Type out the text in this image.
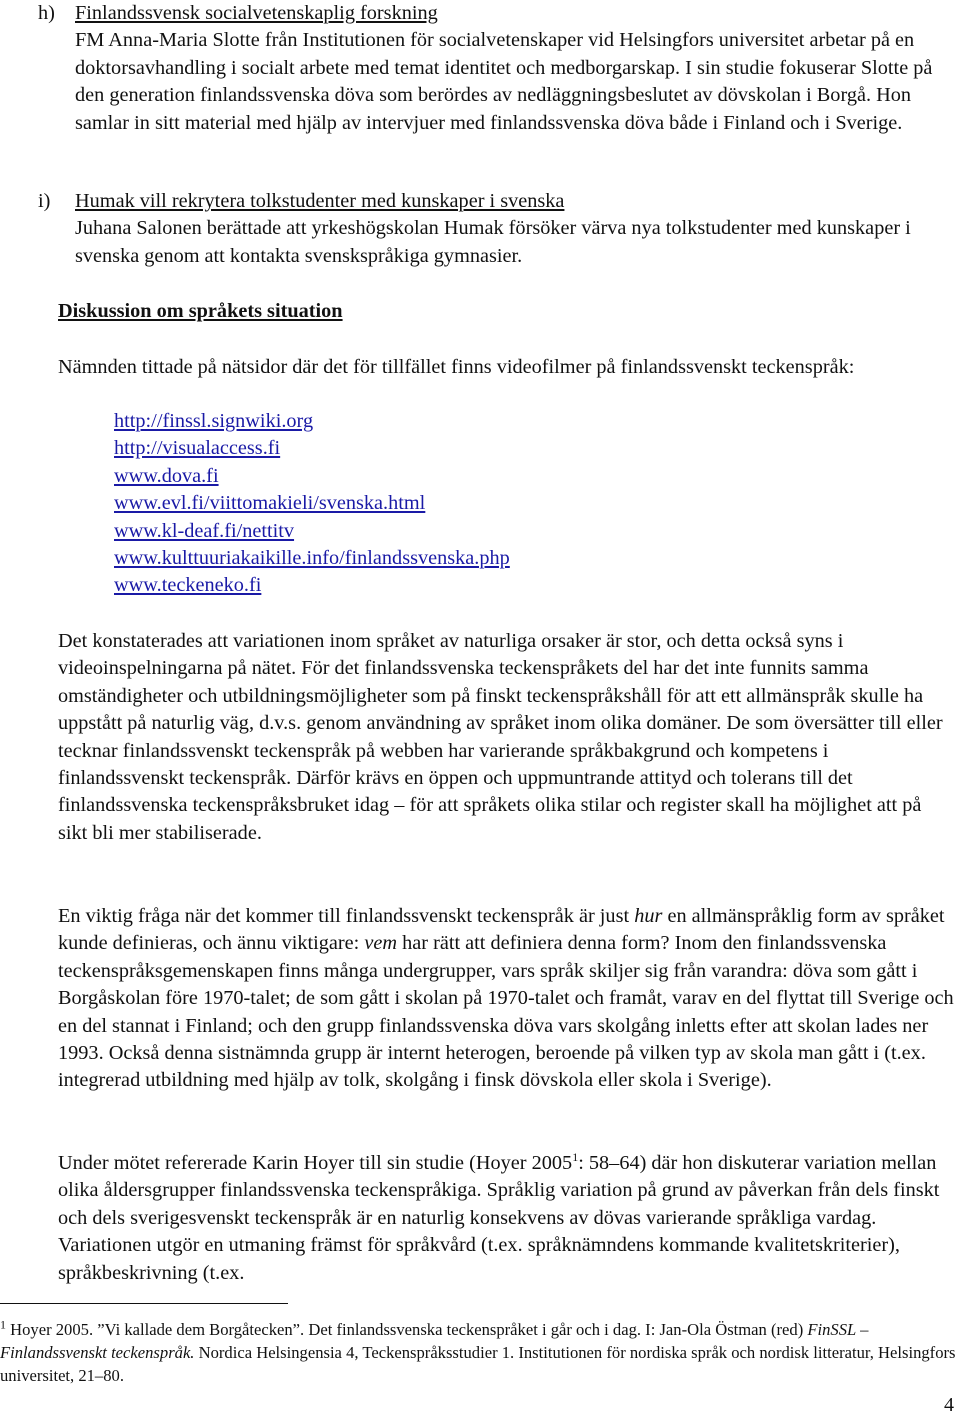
h) Finlandssvensk socialvetenskaplig forskning
FM Anna-Maria Slotte från Institutionen för socialvetenskaper vid Helsingfors universitet arbetar på en doktorsavhandling i socialt arbete med temat identitet och medborgarskap. I sin studie fokuserar Slotte på den generation finlandssvenska döva som berördes av nedläggningsbeslutet av dövskolan i Borgå. Hon samlar in sitt material med hjälp av intervjuer med finlandssvenska döva både i Finland och i Sverige.
i) Humak vill rekrytera tolkstudenter med kunskaper i svenska
Juhana Salonen berättade att yrkeshögskolan Humak försöker värva nya tolkstudenter med kunskaper i svenska genom att kontakta svenskspråkiga gymnasier.
Diskussion om språkets situation
Nämnden tittade på nätsidor där det för tillfället finns videofilmer på finlandssvenskt teckenspråk:
http://finssl.signwiki.org
http://visualaccess.fi
www.dova.fi
www.evl.fi/viittomakieli/svenska.html
www.kl-deaf.fi/nettitv
www.kulttuuriakaikille.info/finlandssvenska.php
www.teckeneko.fi
Det konstaterades att variationen inom språket av naturliga orsaker är stor, och detta också syns i videoinspelningarna på nätet. För det finlandssvenska teckenspråkets del har det inte funnits samma omständigheter och utbildningsmöjligheter som på finskt teckenspråkshåll för att ett allmänspråk skulle ha uppstått på naturlig väg, d.v.s. genom användning av språket inom olika domäner. De som översätter till eller tecknar finlandssvenskt teckenspråk på webben har varierande språkbakgrund och kompetens i finlandssvenskt teckenspråk. Därför krävs en öppen och uppmuntrande attityd och tolerans till det finlandssvenska teckenspråksbruket idag – för att språkets olika stilar och register skall ha möjlighet att på sikt bli mer stabiliserade.
En viktig fråga när det kommer till finlandssvenskt teckenspråk är just hur en allmänspråklig form av språket kunde definieras, och ännu viktigare: vem har rätt att definiera denna form? Inom den finlandssvenska teckenspråksgemenskapen finns många undergrupper, vars språk skiljer sig från varandra: döva som gått i Borgåskolan före 1970-talet; de som gått i skolan på 1970-talet och framåt, varav en del flyttat till Sverige och en del stannat i Finland; och den grupp finlandssvenska döva vars skolgång inletts efter att skolan lades ner 1993. Också denna sistnämnda grupp är internt heterogen, beroende på vilken typ av skola man gått i (t.ex. integrerad utbildning med hjälp av tolk, skolgång i finsk dövskola eller skola i Sverige).
Under mötet refererade Karin Hoyer till sin studie (Hoyer 2005$^1$: 58–64) där hon diskuterar variation mellan olika åldersgrupper finlandssvenska teckenspråkiga. Språklig variation på grund av påverkan från dels finskt och dels sverigesvenskt teckenspråk är en naturlig konsekvens av dövas varierande språkliga vardag. Variationen utgör en utmaning främst för språkvård (t.ex. språknämndens kommande kvalitetskriterier), språkbeskrivning (t.ex.
$^1$ Hoyer 2005. ”Vi kallade dem Borgåtecken”. Det finlandssvenska teckenspråket i går och i dag. I: Jan-Ola Östman (red) FinSSL – Finlandssvenskt teckenspråk. Nordica Helsingensia 4, Teckenspråksstudier 1. Institutionen för nordiska språk och nordisk litteratur, Helsingfors universitet, 21–80.
4
